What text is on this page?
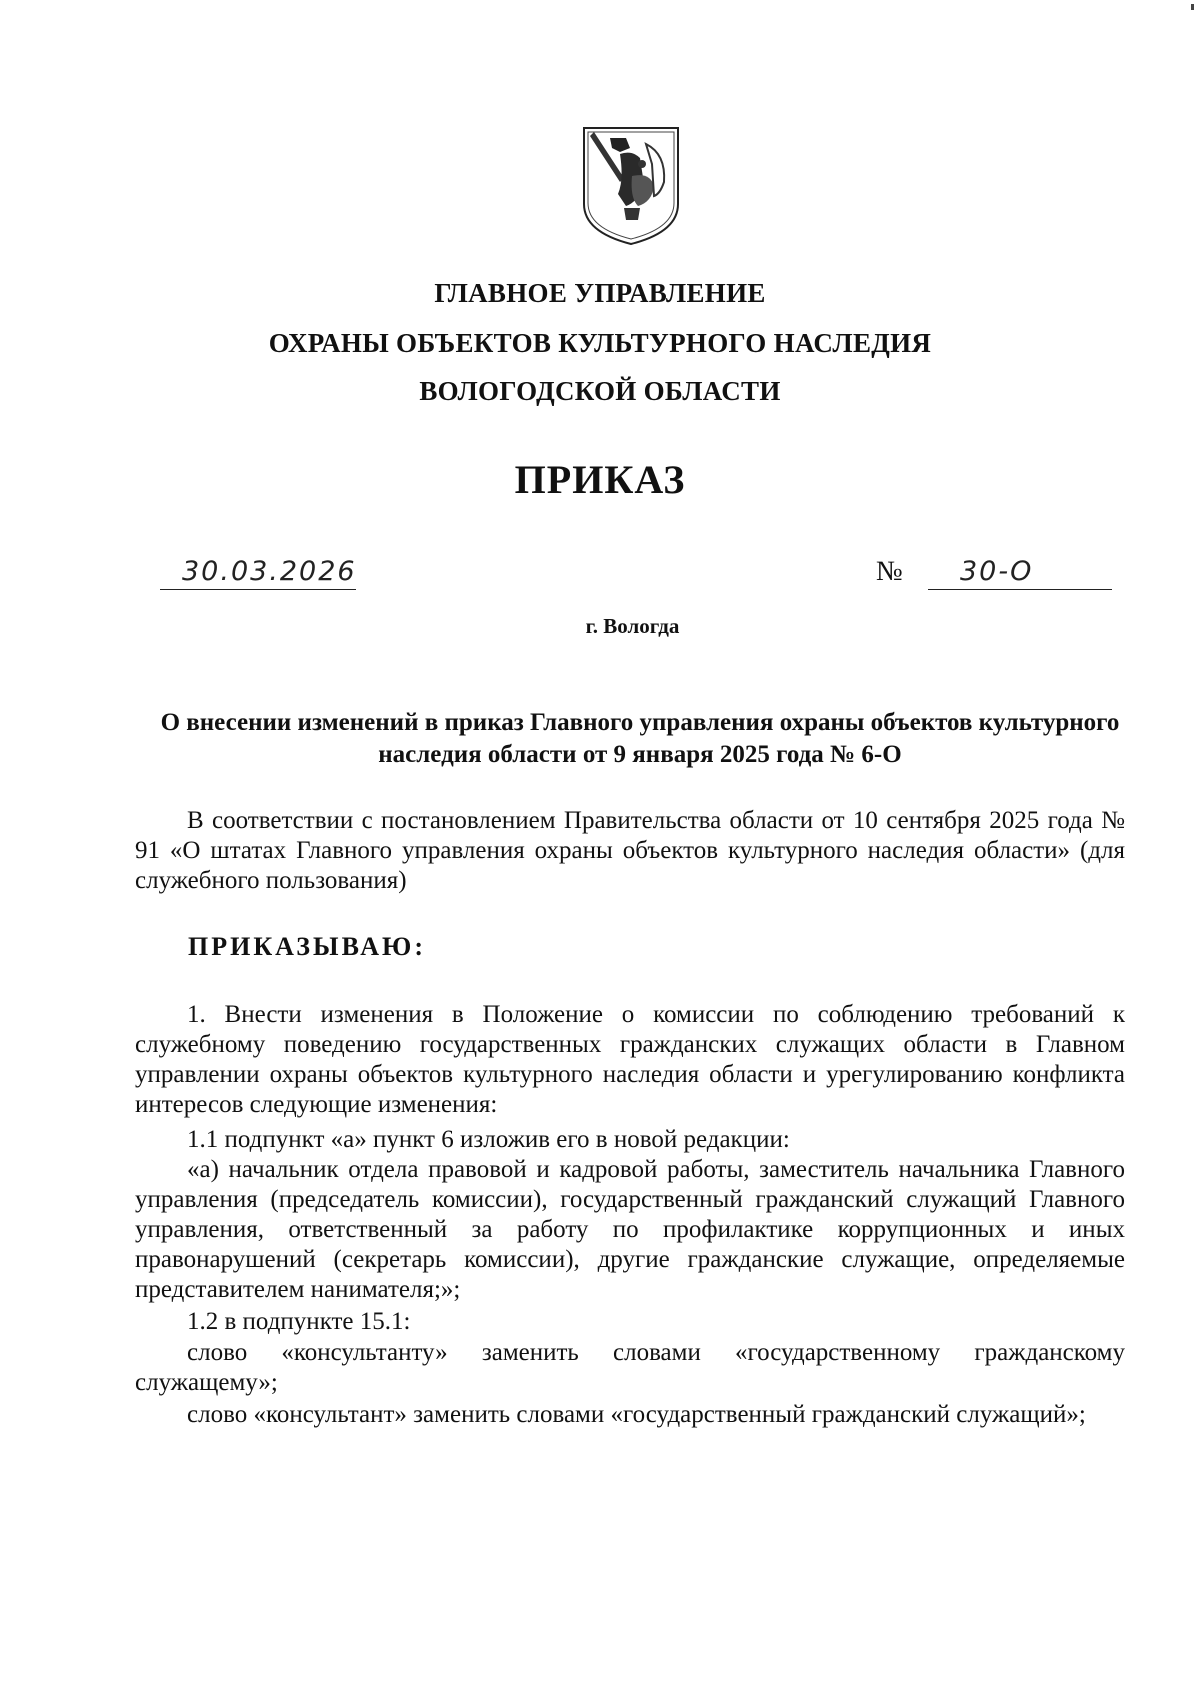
ГЛАВНОЕ УПРАВЛЕНИЕ
ОХРАНЫ ОБЪЕКТОВ КУЛЬТУРНОГО НАСЛЕДИЯ
ВОЛОГОДСКОЙ ОБЛАСТИ
ПРИКАЗ
30.03.2026	№	30-О
г. Вологда
О внесении изменений в приказ Главного управления охраны объектов культурного наследия области от 9 января 2025 года № 6-О

В соответствии с постановлением Правительства области от 10 сентября 2025 года № 91 «О штатах Главного управления охраны объектов культурного наследия области» (для служебного пользования)

ПРИКАЗЫВАЮ:

1. Внести изменения в Положение о комиссии по соблюдению требований к служебному поведению государственных гражданских служащих области в Главном управлении охраны объектов культурного наследия области и урегулированию конфликта интересов следующие изменения:

1.1 подпункт «а» пункт 6 изложив его в новой редакции:

«а) начальник отдела правовой и кадровой работы, заместитель начальника Главного управления (председатель комиссии), государственный гражданский служащий Главного управления, ответственный за работу по профилактике коррупционных и иных правонарушений (секретарь комиссии), другие гражданские служащие, определяемые представителем нанимателя;»;

1.2 в подпункте 15.1:

слово «консультанту» заменить словами «государственному гражданскому служащему»;

слово «консультант» заменить словами «государственный гражданский служащий»;
